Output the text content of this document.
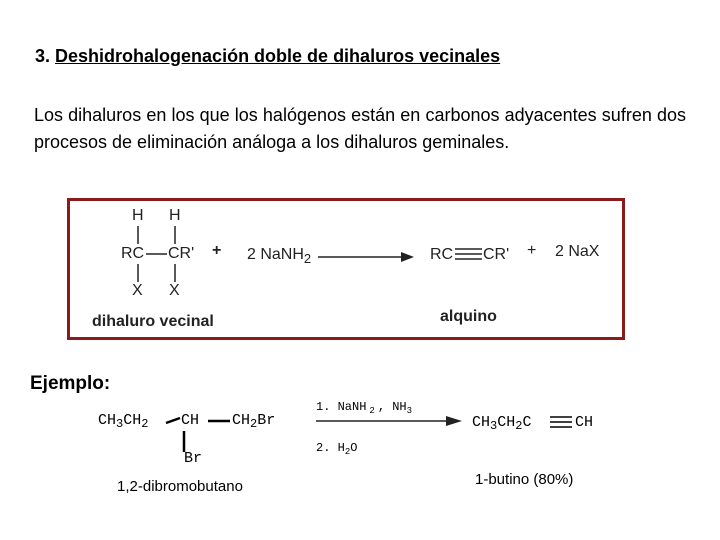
3. Deshidrohalogenación doble de dihaluros vecinales
Los dihaluros en los que los halógenos están en carbonos adyacentes sufren dos procesos de eliminación análoga a los dihaluros geminales.
H H
RC CR' + 2 NaNH$_2$
X X
RC CR' + 2 NaX
dihaluro vecinal	alquino
Ejemplo:
$CH_3CH_2$ CH $CH_2Br$
Br
1,2-dibromobutano
1. NaNH $_2$ , $NH_3$
2. $H_2O$
$CH_3CH_2C$	CH
1-butino (80%)
